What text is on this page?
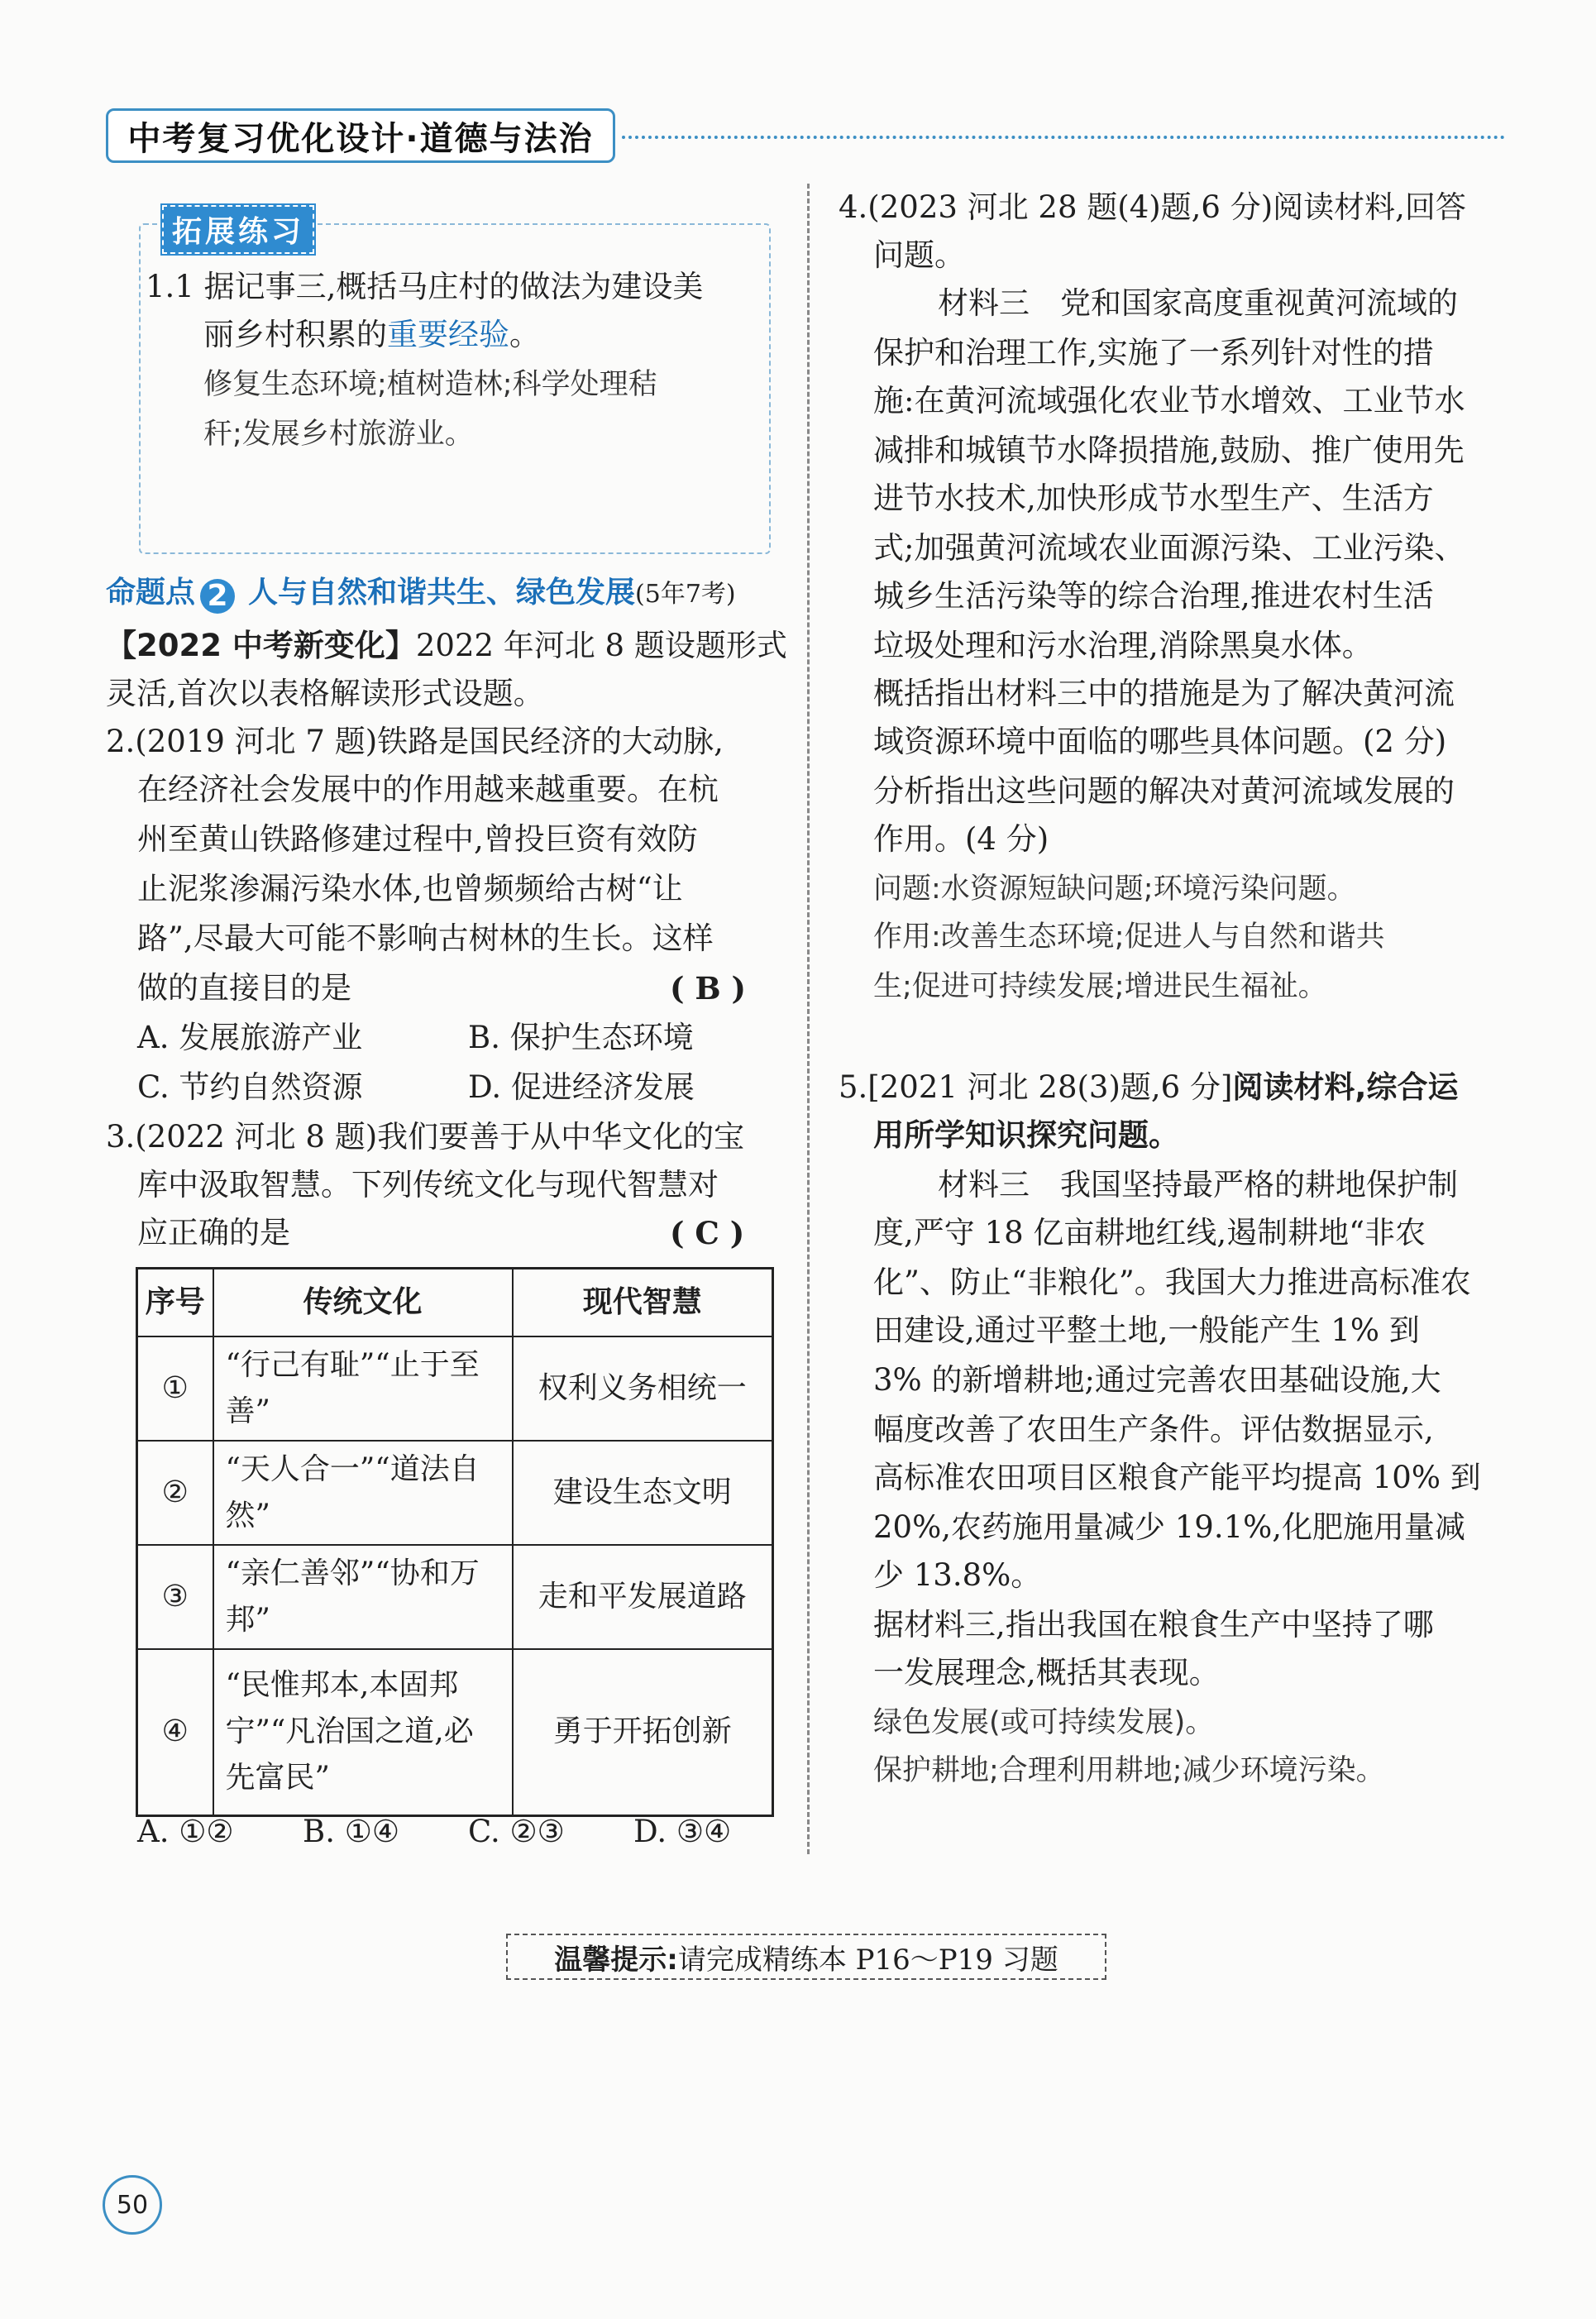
中考复习优化设计·道德与法治
拓展练习
1.1 据记事三,概括马庄村的做法为建设美
丽乡村积累的重要经验。
修复生态环境;植树造林;科学处理秸
秆;发展乡村旅游业。
命题点 2 人与自然和谐共生、绿色发展(5年7考)
【2022 中考新变化】2022 年河北 8 题设题形式
灵活,首次以表格解读形式设题。
2.(2019 河北 7 题)铁路是国民经济的大动脉,
在经济社会发展中的作用越来越重要。在杭
州至黄山铁路修建过程中,曾投巨资有效防
止泥浆渗漏污染水体,也曾频频给古树“让
路”,尽最大可能不影响古树林的生长。这样
做的直接目的是	( B )
A. 发展旅游产业	B. 保护生态环境
C. 节约自然资源	D. 促进经济发展
3.(2022 河北 8 题)我们要善于从中华文化的宝
库中汲取智慧。下列传统文化与现代智慧对
应正确的是	( C )
序号	传统文化	现代智慧
①	“行己有耻”“止于至善”	权利义务相统一
②	“天人合一”“道法自然”	建设生态文明
③	“亲仁善邻”“协和万邦”	走和平发展道路
④	“民惟邦本,本固邦宁”“凡治国之道,必先富民”	勇于开拓创新
A. ①② B. ①④ C. ②③ D. ③④
4.(2023 河北 28 题(4)题,6 分)阅读材料,回答
问题。
材料三　党和国家高度重视黄河流域的
保护和治理工作,实施了一系列针对性的措
施:在黄河流域强化农业节水增效、工业节水
减排和城镇节水降损措施,鼓励、推广使用先
进节水技术,加快形成节水型生产、生活方
式;加强黄河流域农业面源污染、工业污染、
城乡生活污染等的综合治理,推进农村生活
垃圾处理和污水治理,消除黑臭水体。
概括指出材料三中的措施是为了解决黄河流
域资源环境中面临的哪些具体问题。(2 分)
分析指出这些问题的解决对黄河流域发展的
作用。(4 分)
问题:水资源短缺问题;环境污染问题。
作用:改善生态环境;促进人与自然和谐共
生;促进可持续发展;增进民生福祉。
5.[2021 河北 28(3)题,6 分]阅读材料,综合运
用所学知识探究问题。
材料三　我国坚持最严格的耕地保护制
度,严守 18 亿亩耕地红线,遏制耕地“非农
化”、防止“非粮化”。我国大力推进高标准农
田建设,通过平整土地,一般能产生 1% 到
3% 的新增耕地;通过完善农田基础设施,大
幅度改善了农田生产条件。评估数据显示,
高标准农田项目区粮食产能平均提高 10% 到
20%,农药施用量减少 19.1%,化肥施用量减
少 13.8%。
据材料三,指出我国在粮食生产中坚持了哪
一发展理念,概括其表现。
绿色发展(或可持续发展)。
保护耕地;合理利用耕地;减少环境污染。
温馨提示: 请完成精练本 P16～P19 习题
50
